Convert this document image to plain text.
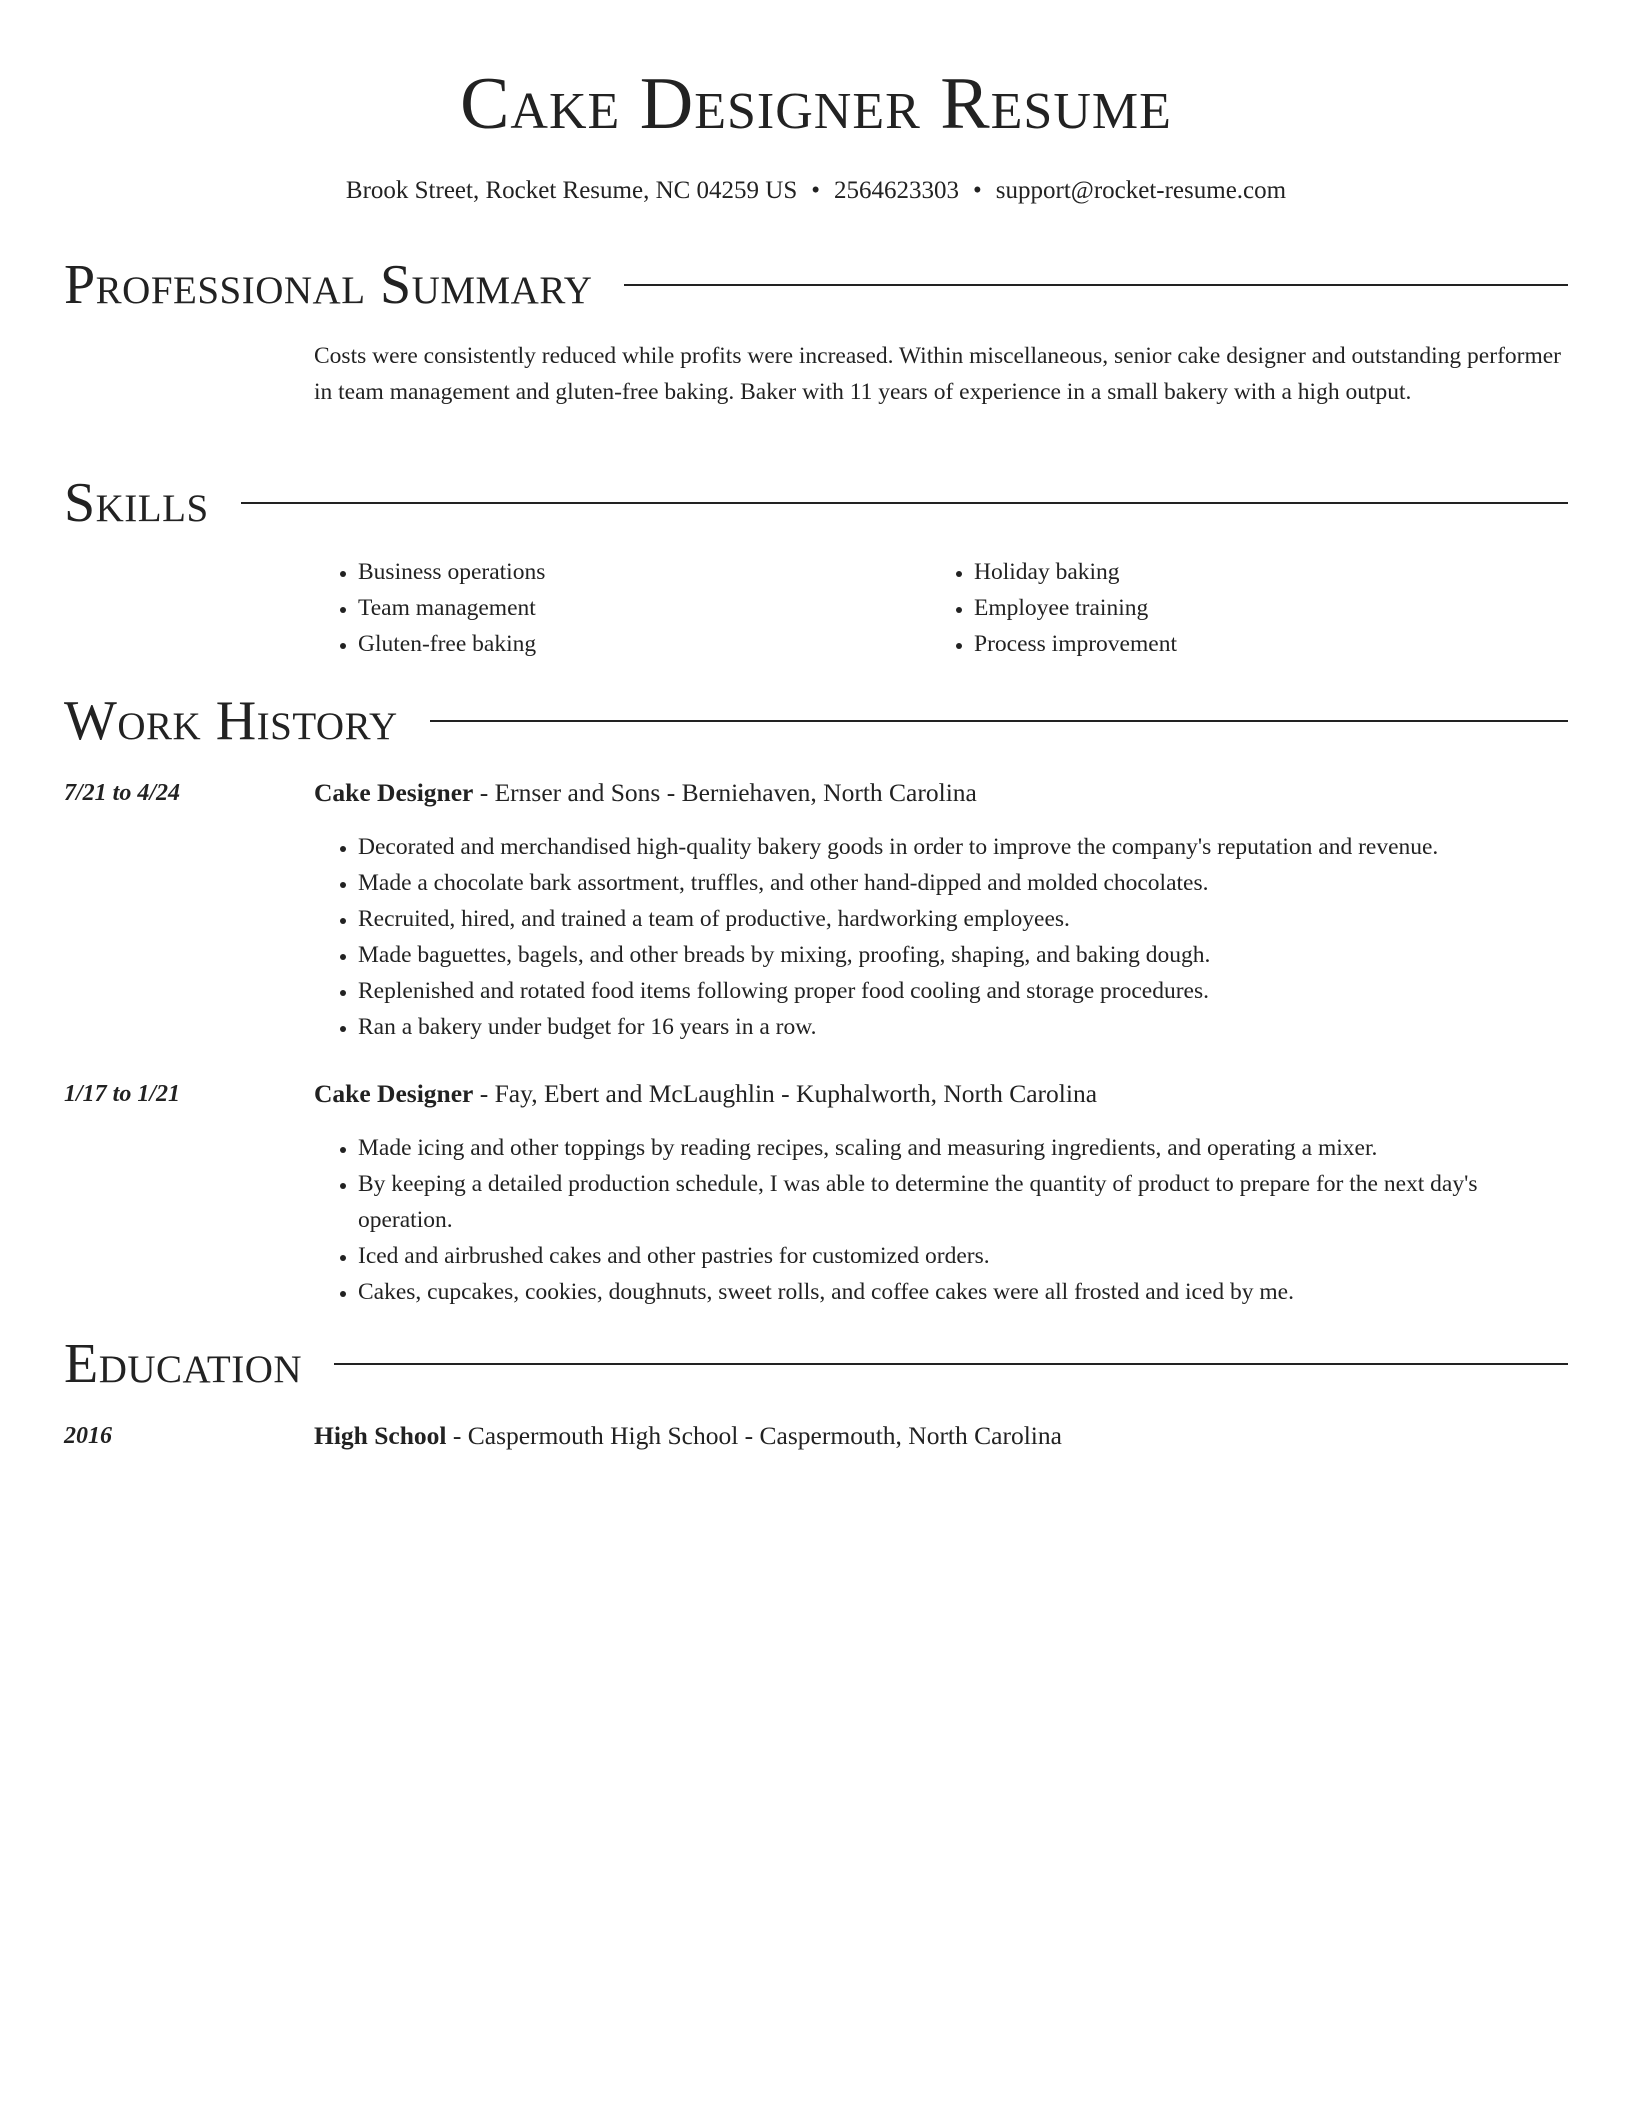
Cake Designer Resume
Brook Street, Rocket Resume, NC 04259 US • 2564623303 • support@rocket-resume.com
Professional Summary

Costs were consistently reduced while profits were increased. Within miscellaneous, senior cake designer and outstanding performer in team management and gluten-free baking. Baker with 11 years of experience in a small bakery with a high output.

Skills
• Business operations
• Team management
• Gluten-free baking
• Holiday baking
• Employee training
• Process improvement
Work History
7/21 to 4/24	Cake Designer - Ernser and Sons - Berniehaven, North Carolina
• Decorated and merchandised high-quality bakery goods in order to improve the company's reputation and revenue.
• Made a chocolate bark assortment, truffles, and other hand-dipped and molded chocolates.
• Recruited, hired, and trained a team of productive, hardworking employees.
• Made baguettes, bagels, and other breads by mixing, proofing, shaping, and baking dough.
• Replenished and rotated food items following proper food cooling and storage procedures.
• Ran a bakery under budget for 16 years in a row.
1/17 to 1/21	Cake Designer - Fay, Ebert and McLaughlin - Kuphalworth, North Carolina
• Made icing and other toppings by reading recipes, scaling and measuring ingredients, and operating a mixer.
• By keeping a detailed production schedule, I was able to determine the quantity of product to prepare for the next day's operation.
• Iced and airbrushed cakes and other pastries for customized orders.
• Cakes, cupcakes, cookies, doughnuts, sweet rolls, and coffee cakes were all frosted and iced by me.
Education
2016	High School - Caspermouth High School - Caspermouth, North Carolina
